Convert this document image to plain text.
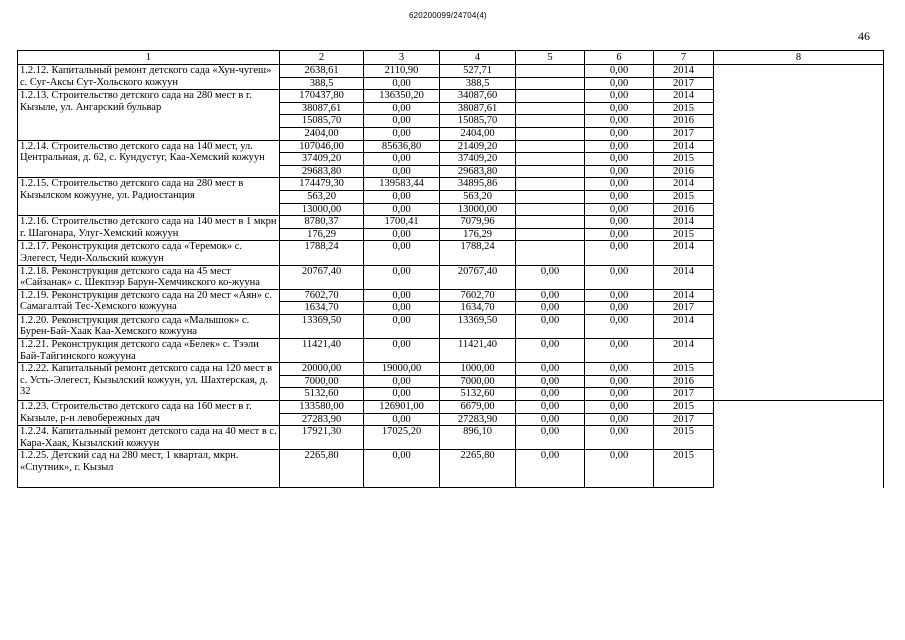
620200099/24704(4)
46
1	2	3	4	5	6	7	8	
1.2.12. Капитальный ремонт детского сада «Хун-чугеш» с. Суг-Аксы Сут-Хольского кожуун	2638,61	2110,90	527,71		0,00	2014		
	388,5	0,00	388,5		0,00	2017		
1.2.13. Строительство детского сада на 280 мест в г. Кызыле, ул. Ангарский бульвар	170437,80	136350,20	34087,60		0,00	2014		
	38087,61	0,00	38087,61		0,00	2015		
	15085,70	0,00	15085,70		0,00	2016		
	2404,00	0,00	2404,00		0,00	2017		
1.2.14. Строительство детского сада на 140 мест, ул. Центральная, д. 62, с. Кундустуг, Каа-Хемский кожуун	107046,00	85636,80	21409,20		0,00	2014		
	37409,20	0,00	37409,20		0,00	2015		
	29683,80	0,00	29683,80		0,00	2016		
1.2.15. Строительство детского сада на 280 мест в Кызылском кожууне, ул. Радиостанция	174479,30	139583,44	34895,86		0,00	2014		
	563,20	0,00	563,20		0,00	2015		
	13000,00	0,00	13000,00		0,00	2016		
1.2.16. Строительство детского сада на 140 мест в 1 мкрн г. Шагонара, Улуг-Хемский кожуун	8780,37	1700,41	7079,96		0,00	2014		
	176,29	0,00	176,29		0,00	2015		
1.2.17. Реконструкция детского сада «Теремок» с. Элегест, Чеди-Хольский кожуун	1788,24	0,00	1788,24		0,00	2014		
1.2.18. Реконструкция детского сада на 45 мест «Сайзанак» с. Шекпээр Барун-Хемчикского ко-жууна	20767,40	0,00	20767,40	0,00	0,00	2014		
1.2.19. Реконструкция детского сада на 20 мест «Аян» с. Самагалтай Тес-Хемского кожууна	7602,70	0,00	7602,70	0,00	0,00	2014		
	1634,70	0,00	1634,70	0,00	0,00	2017		
1.2.20. Реконструкция детского сада «Малышок» с. Бурен-Бай-Хаак Каа-Хемского кожууна	13369,50	0,00	13369,50	0,00	0,00	2014		
1.2.21. Реконструкция детского сада «Белек» с. Тээли Бай-Тайгинского кожууна	11421,40	0,00	11421,40	0,00	0,00	2014		
1.2.22. Капитальный ремонт детского сада на 120 мест в с. Усть-Элегест, Кызылский кожуун, ул. Шахтерская, д. 32	20000,00	19000,00	1000,00	0,00	0,00	2015		
	7000,00	0,00	7000,00	0,00	0,00	2016		
	5132,60	0,00	5132,60	0,00	0,00	2017		
1.2.23. Строительство детского сада на 160 мест в г. Кызыле, р-н левобережных дач	133580,00	126901,00	6679,00	0,00	0,00	2015		
	27283,90	0,00	27283,90	0,00	0,00	2017		
1.2.24. Капитальный ремонт детского сада на 40 мест в с. Кара-Хаак, Кызылский кожуун	17921,30	17025,20	896,10	0,00	0,00	2015		
1.2.25. Детский сад на 280 мест, 1 квартал, мкрн. «Спутник», г. Кызыл	2265,80	0,00	2265,80	0,00	0,00	2015		
